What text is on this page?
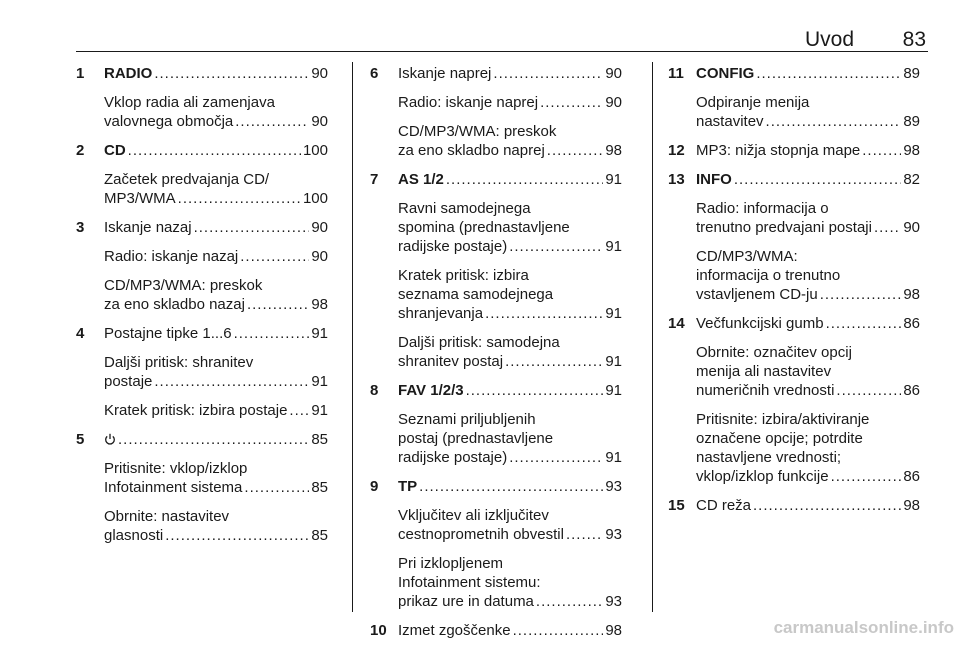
Uvod	83
1 RADIO .....	90
Vklop radia ali zamenjava
valovnega območja .....	90
2 CD .....	100
Začetek predvajanja CD/
MP3/WMA .....	100
3 Iskanje nazaj .....	90
Radio: iskanje nazaj .....	90
CD/MP3/WMA: preskok
za eno skladbo nazaj .....	98
4 Postajne tipke 1...6 .....	91
Daljši pritisk: shranitev
postaje .....	91
Kratek pritisk: izbira postaje ..... 91
5 .....	85
Pritisnite: vklop/izklop
Infotainment sistema .....	85
Obrnite: nastavitev
glasnosti .....	85
6 Iskanje naprej .....	90
Radio: iskanje naprej .....	90
CD/MP3/WMA: preskok
za eno skladbo naprej .....	98
7 AS 1/2 .....	91
Ravni samodejnega
spomina (prednastavljene
radijske postaje) .....	91
Kratek pritisk: izbira
seznama samodejnega
shranjevanja .....	91
Daljši pritisk: samodejna
shranitev postaj .....	91
8 FAV 1/2/3 .....	91
Seznami priljubljenih
postaj (prednastavljene
radijske postaje) .....	91
9 TP .....	93
Vključitev ali izključitev
cestnoprometnih obvestil .....	93
Pri izklopljenem
Infotainment sistemu:
prikaz ure in datuma .....	93
10 Izmet zgoščenke .....	98
11 CONFIG .....	89
Odpiranje menija
nastavitev .....	89
12 MP3: nižja stopnja mape .....	98
13 INFO .....	82
Radio: informacija o
trenutno predvajani postaji ..... 90
CD/MP3/WMA:
informacija o trenutno
vstavljenem CD-ju .....	98
14 Večfunkcijski gumb .....	86
Obrnite: označitev opcij
menija ali nastavitev
numeričnih vrednosti .....	86
Pritisnite: izbira/aktiviranje
označene opcije; potrdite
nastavljene vrednosti;
vklop/izklop funkcije .....	86
15 CD reža .....	98
carmanualsonline.info
